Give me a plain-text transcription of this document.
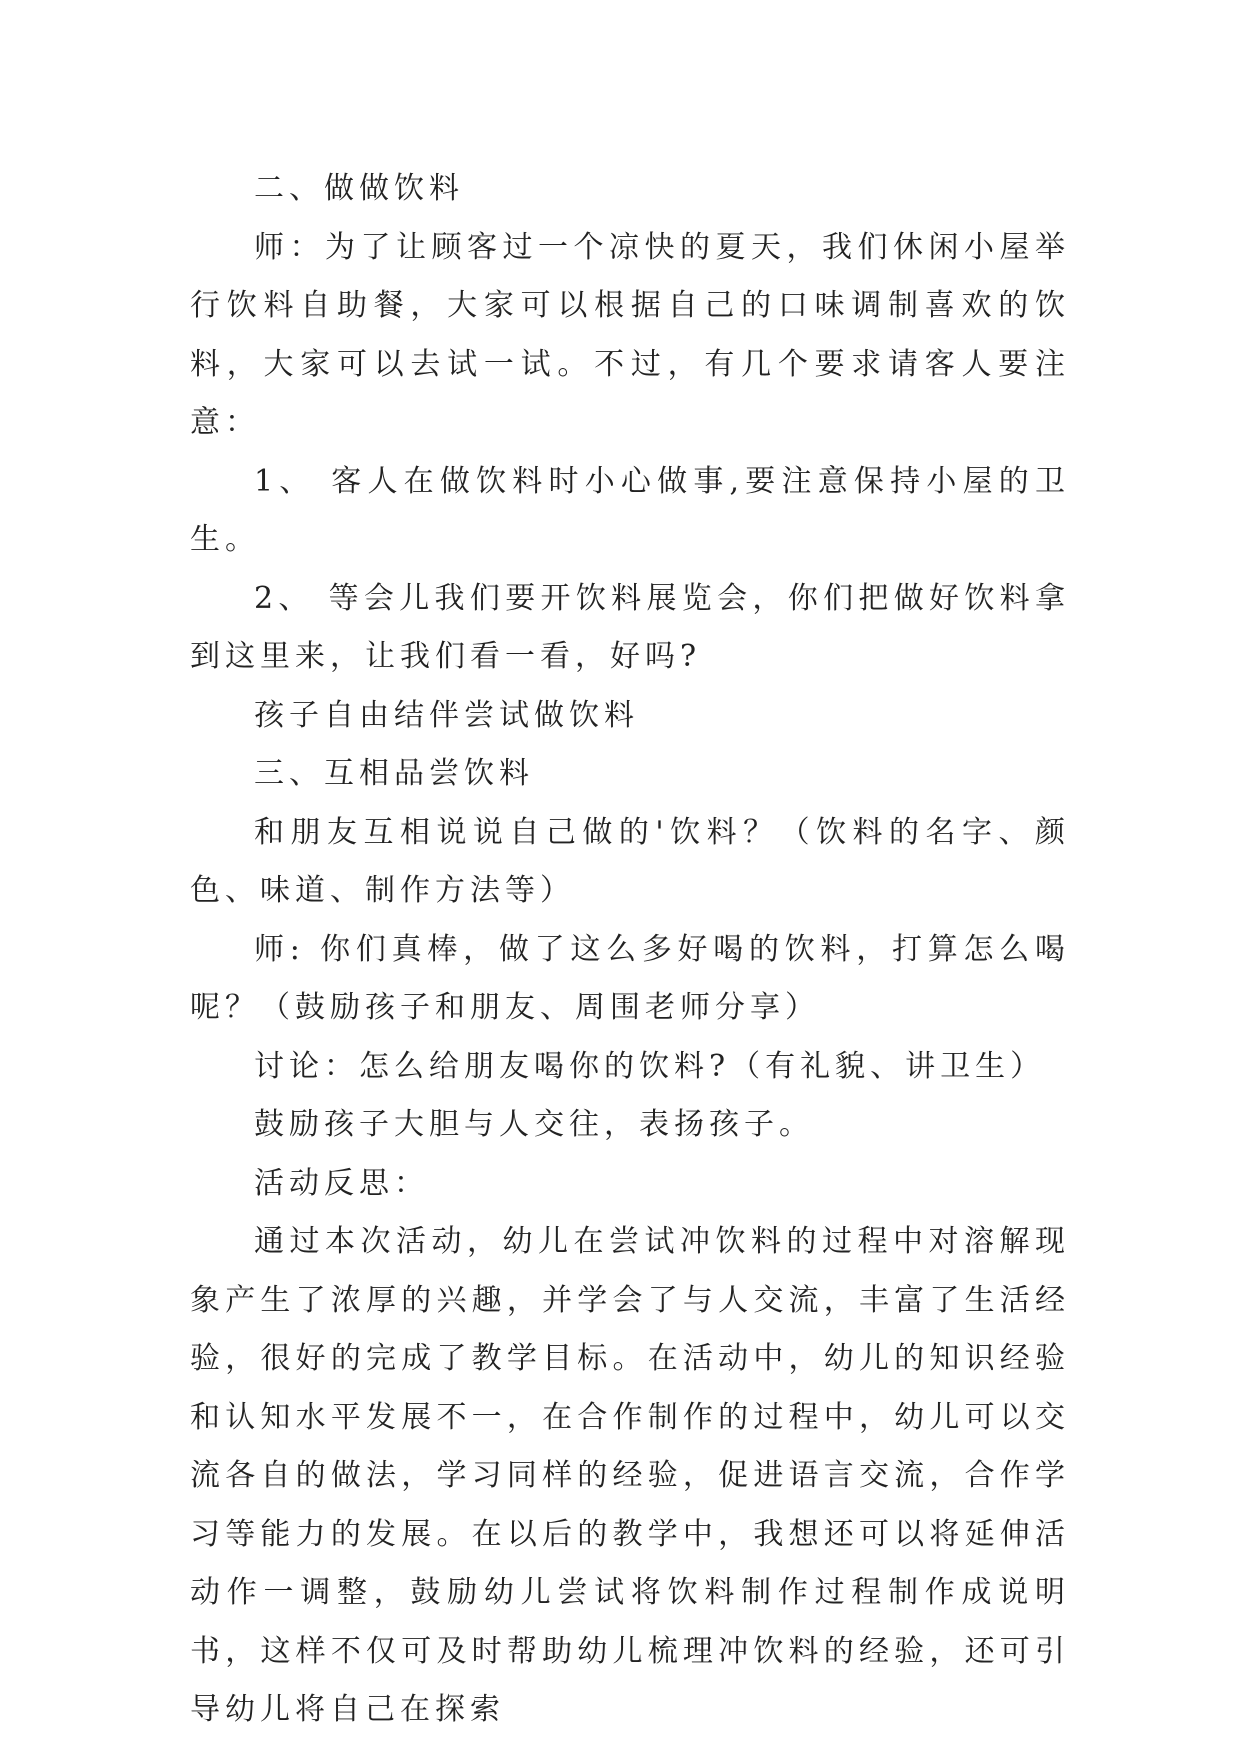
二、做做饮料

师：为了让顾客过一个凉快的夏天，我们休闲小屋举行饮料自助餐，大家可以根据自己的口味调制喜欢的饮料，大家可以去试一试。不过，有几个要求请客人要注意：

1、 客人在做饮料时小心做事,要注意保持小屋的卫生。

2、 等会儿我们要开饮料展览会，你们把做好饮料拿到这里来，让我们看一看，好吗?

孩子自由结伴尝试做饮料

三、互相品尝饮料

和朋友互相说说自己做的'饮料？（饮料的名字、颜色、味道、制作方法等）

师: 你们真棒，做了这么多好喝的饮料，打算怎么喝呢？（鼓励孩子和朋友、周围老师分享）

讨论：怎么给朋友喝你的饮料?（有礼貌、讲卫生）

鼓励孩子大胆与人交往，表扬孩子。

活动反思：

通过本次活动，幼儿在尝试冲饮料的过程中对溶解现象产生了浓厚的兴趣，并学会了与人交流，丰富了生活经验，很好的完成了教学目标。在活动中，幼儿的知识经验和认知水平发展不一，在合作制作的过程中，幼儿可以交流各自的做法，学习同样的经验，促进语言交流，合作学习等能力的发展。在以后的教学中，我想还可以将延伸活动作一调整，鼓励幼儿尝试将饮料制作过程制作成说明书，这样不仅可及时帮助幼儿梳理冲饮料的经验，还可引导幼儿将自己在探索
